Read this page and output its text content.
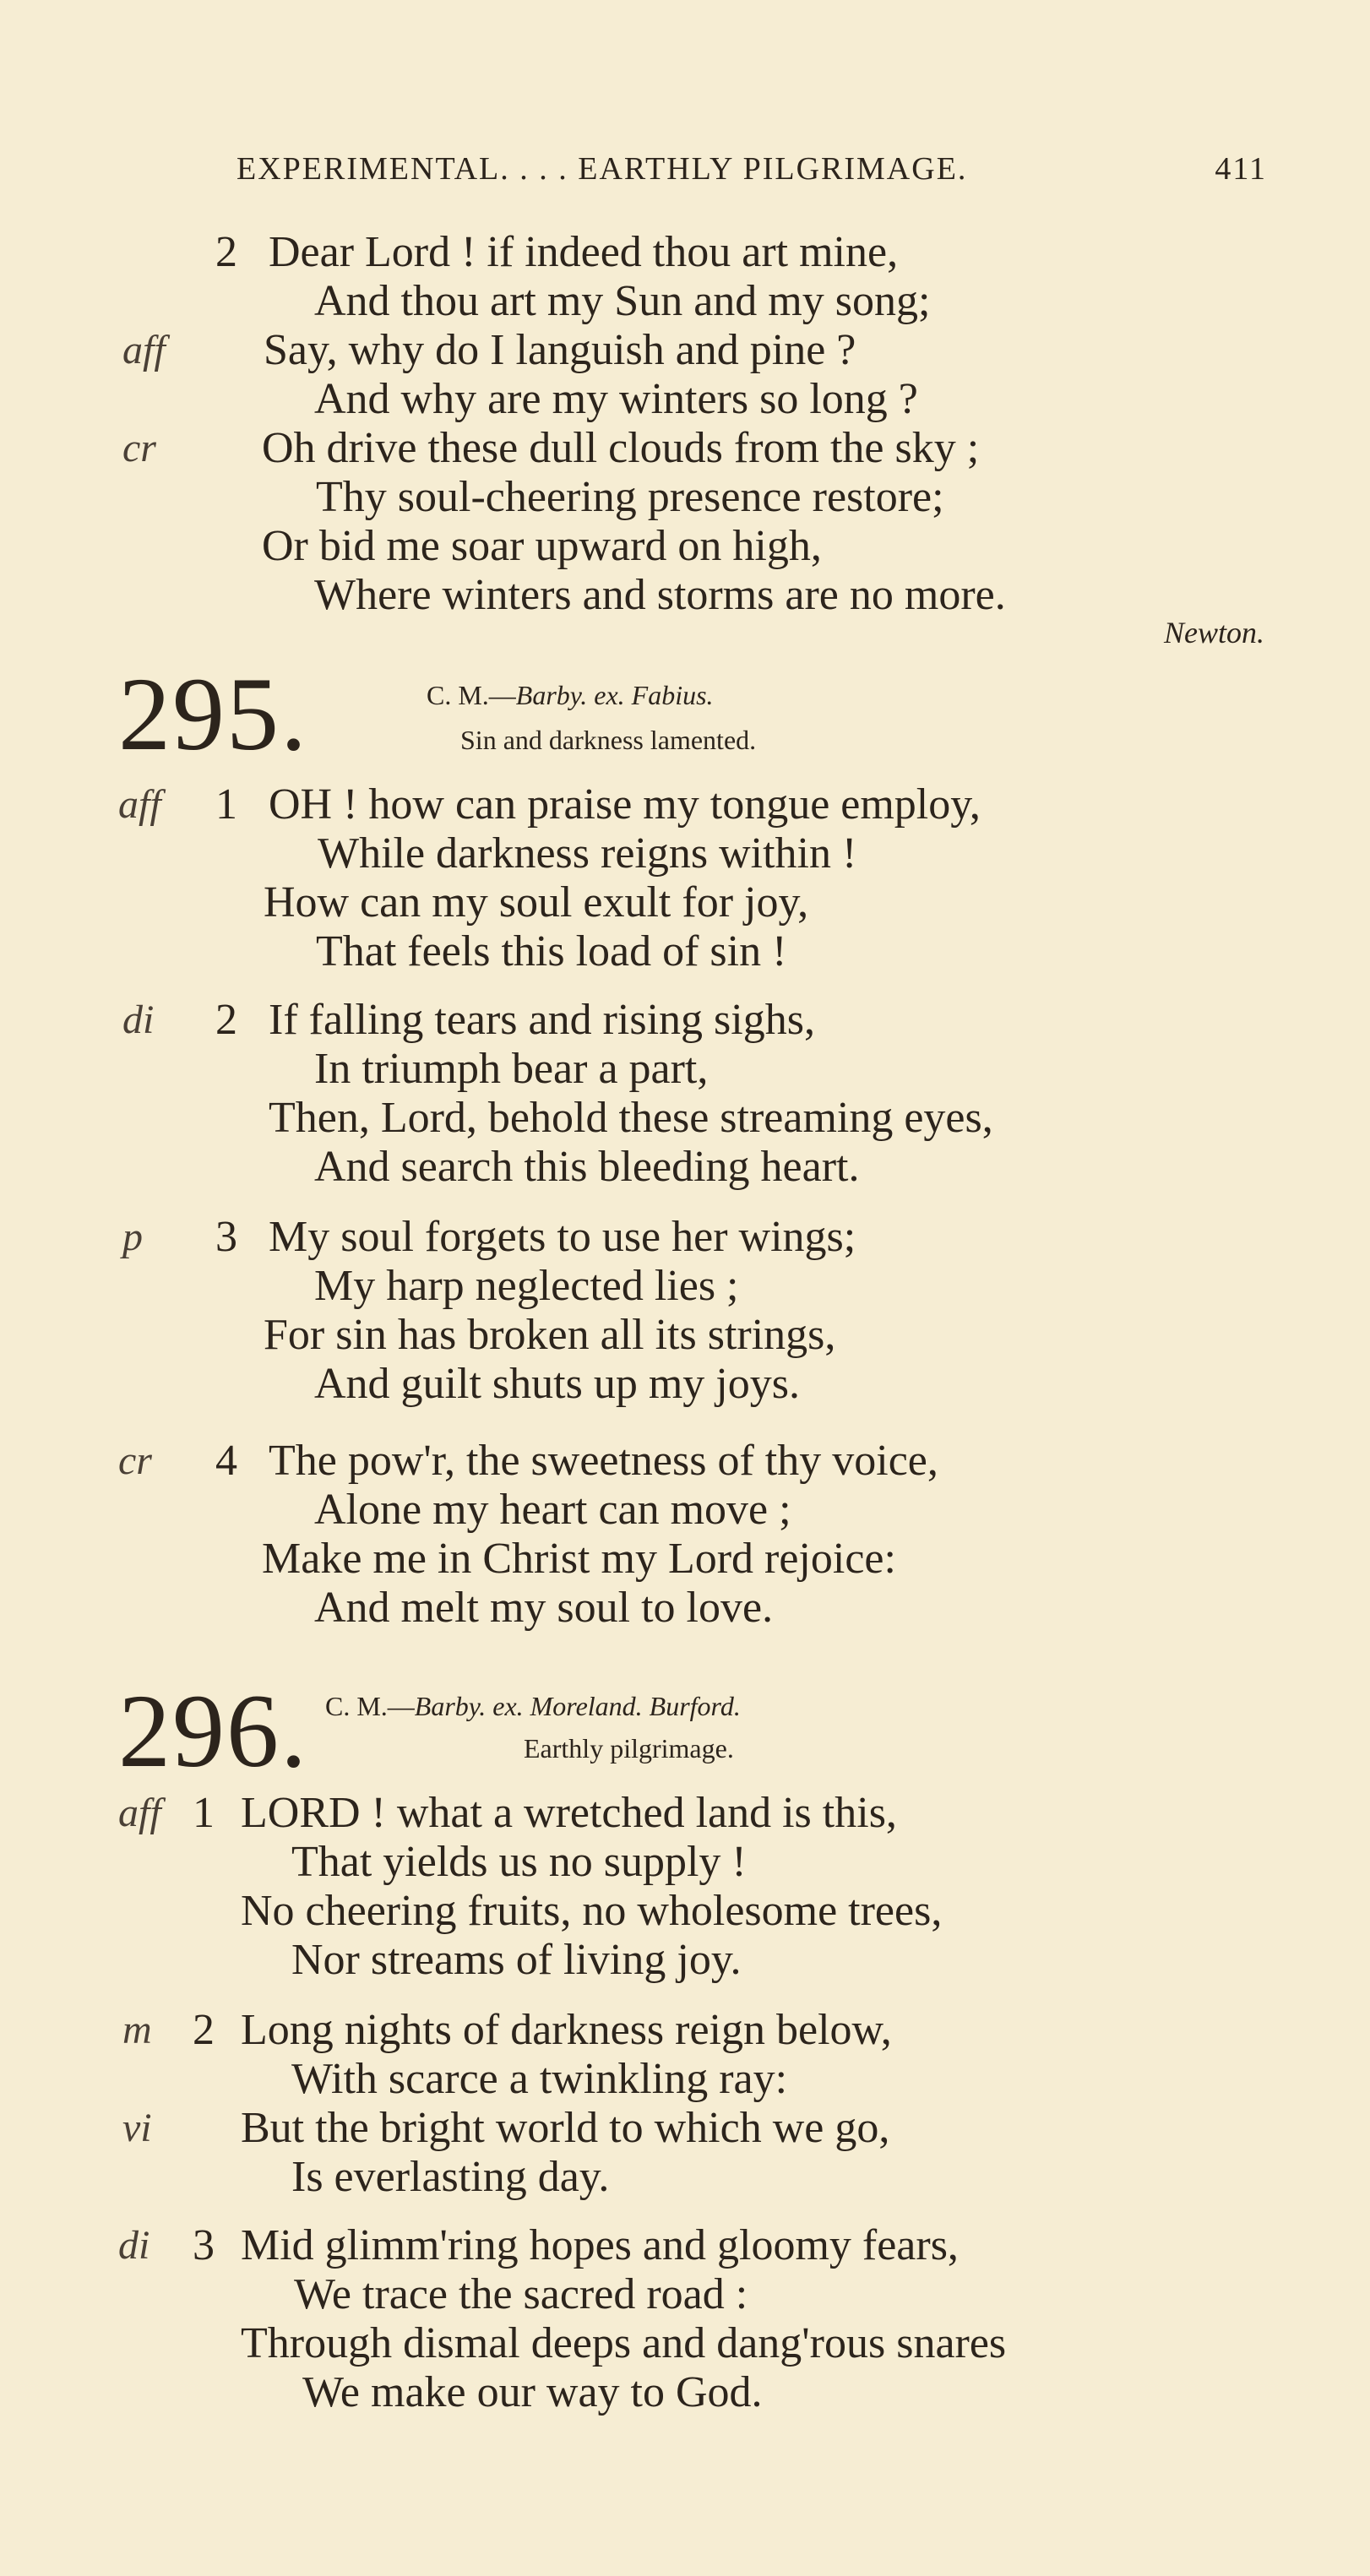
EXPERIMENTAL. . . . EARTHLY PILGRIMAGE.	411
2 Dear Lord ! if indeed thou art mine,
And thou art my Sun and my song;
aff Say, why do I languish and pine ?
And why are my winters so long ?
cr Oh drive these dull clouds from the sky ;
Thy soul-cheering presence restore;
Or bid me soar upward on high,
Where winters and storms are no more.
Newton.
295.	C. M.—Barby. ex. Fabius.
Sin and darkness lamented.
aff 1 OH ! how can praise my tongue employ,
While darkness reigns within !
How can my soul exult for joy,
That feels this load of sin !
di 2 If falling tears and rising sighs,
In triumph bear a part,
Then, Lord, behold these streaming eyes,
And search this bleeding heart.
p 3 My soul forgets to use her wings;
My harp neglected lies ;
For sin has broken all its strings,
And guilt shuts up my joys.
cr 4 The pow'r, the sweetness of thy voice,
Alone my heart can move ;
Make me in Christ my Lord rejoice:
And melt my soul to love.
296. C. M.—Barby. ex. Moreland. Burford.
Earthly pilgrimage.
aff 1 LORD ! what a wretched land is this,
That yields us no supply !
No cheering fruits, no wholesome trees,
Nor streams of living joy.
m 2 Long nights of darkness reign below,
With scarce a twinkling ray:
vi But the bright world to which we go,
Is everlasting day.
di 3 Mid glimm'ring hopes and gloomy fears,
We trace the sacred road :
Through dismal deeps and dang'rous snares
We make our way to God.
